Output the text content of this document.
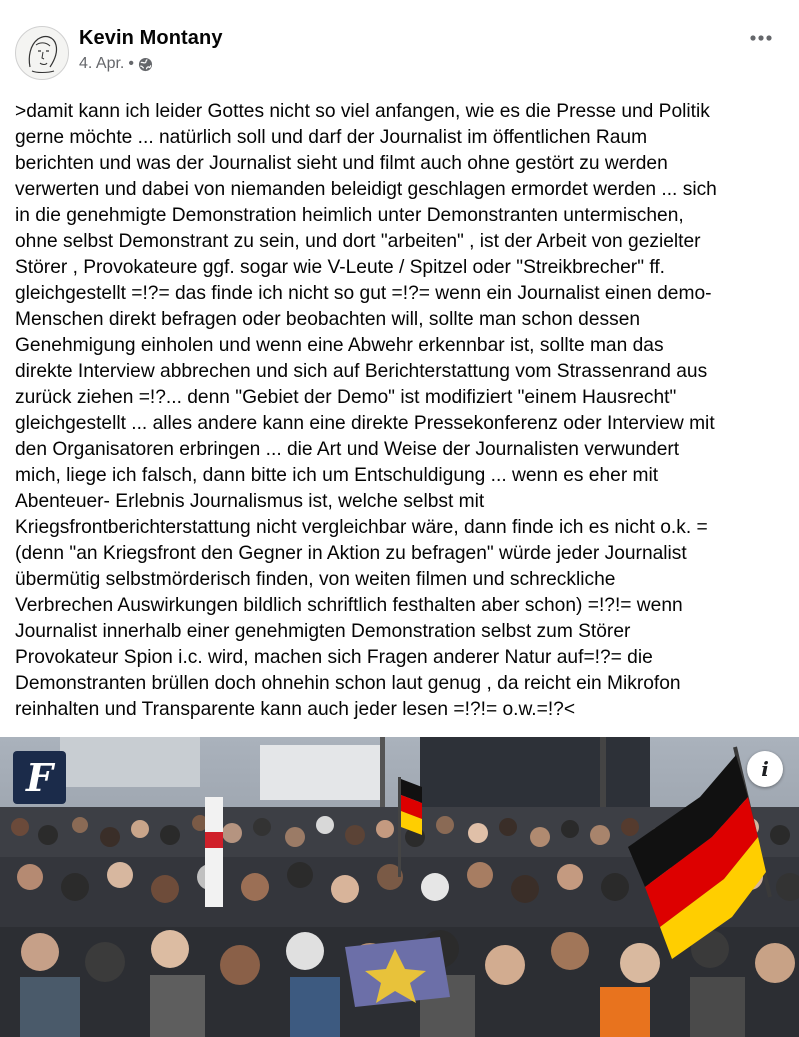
Kevin Montany
4. Apr. •

>damit kann ich leider Gottes nicht so viel anfangen, wie es die Presse und Politik
gerne möchte ... natürlich soll und darf der Journalist im öffentlichen Raum
berichten und was der Journalist sieht und filmt auch ohne gestört zu werden
verwerten und dabei von niemanden beleidigt geschlagen ermordet werden ... sich
in die genehmigte Demonstration heimlich unter Demonstranten untermischen,
ohne selbst Demonstrant zu sein, und dort "arbeiten" , ist der Arbeit von gezielter
Störer , Provokateure ggf. sogar wie V-Leute / Spitzel oder "Streikbrecher" ff.
gleichgestellt =!?= das finde ich nicht so gut =!?= wenn ein Journalist einen demo-
Menschen direkt befragen oder beobachten will, sollte man schon dessen
Genehmigung einholen und wenn eine Abwehr erkennbar ist, sollte man das
direkte Interview abbrechen und sich auf Berichterstattung vom Strassenrand aus
zurück ziehen =!?... denn "Gebiet der Demo" ist modifiziert "einem Hausrecht"
gleichgestellt ... alles andere kann eine direkte Pressekonferenz oder Interview mit
den Organisatoren erbringen ... die Art und Weise der Journalisten verwundert
mich, liege ich falsch, dann bitte ich um Entschuldigung ... wenn es eher mit
Abenteuer- Erlebnis Journalismus ist, welche selbst mit
Kriegsfrontberichterstattung nicht vergleichbar wäre, dann finde ich es nicht o.k. =
(denn "an Kriegsfront den Gegner in Aktion zu befragen" würde jeder Journalist
übermütig selbstmörderisch finden, von weiten filmen und schreckliche
Verbrechen Auswirkungen bildlich schriftlich festhalten aber schon) =!?!= wenn
Journalist innerhalb einer genehmigten Demonstration selbst zum Störer
Provokateur Spion i.c. wird, machen sich Fragen anderer Natur auf=!?= die
Demonstranten brüllen doch ohnehin schon laut genug , da reicht ein Mikrofon
reinhalten und Transparente kann auch jeder lesen =!?!= o.w.=!?<

F	i
